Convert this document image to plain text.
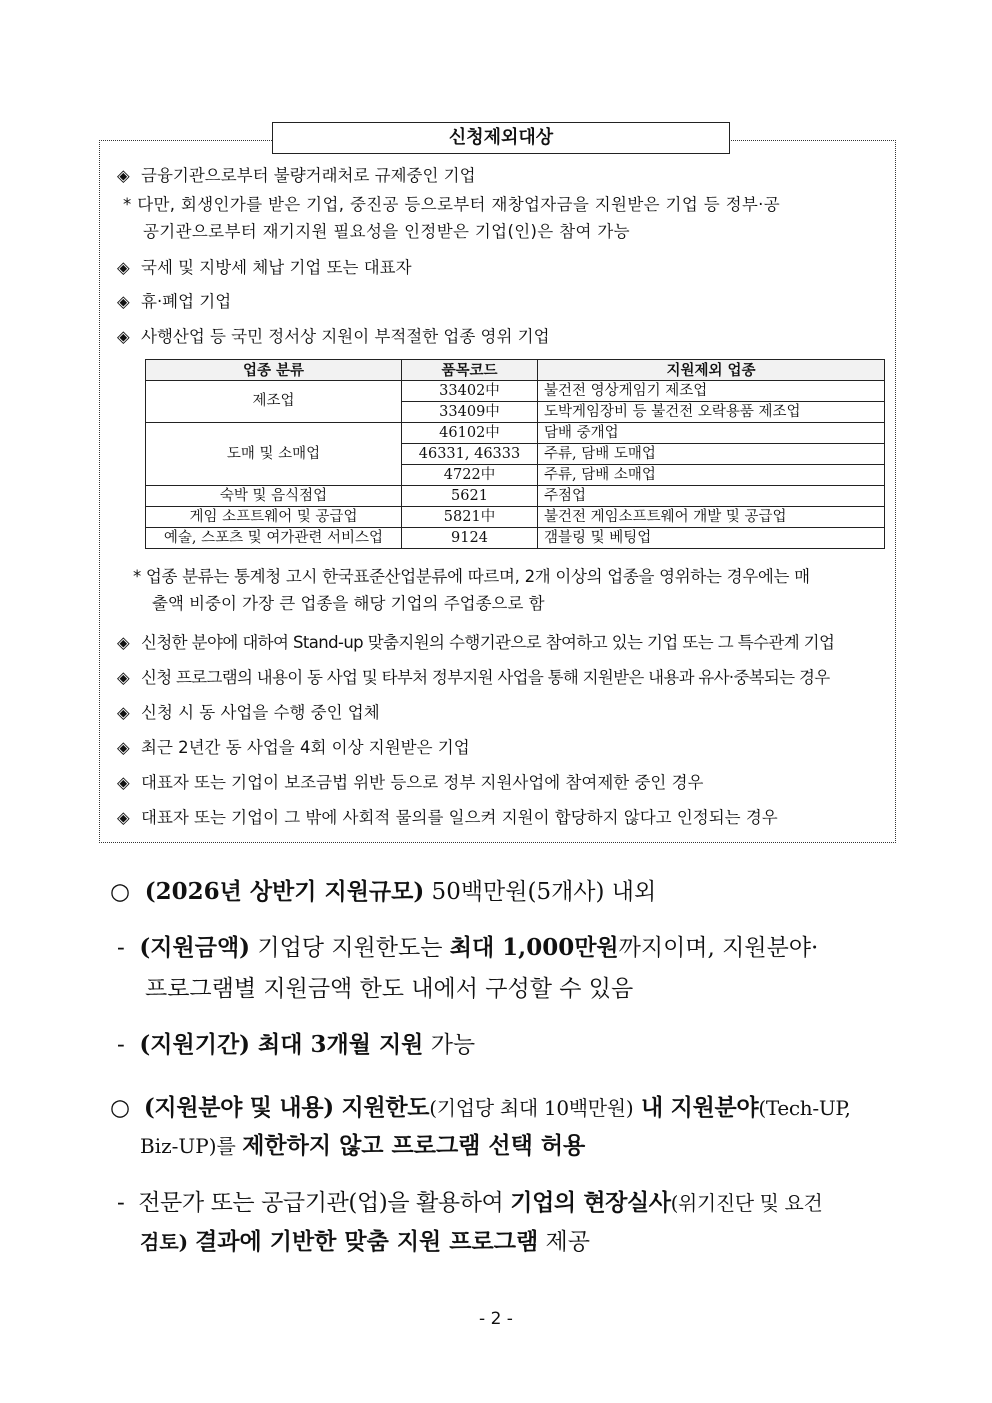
신청제외대상
◈ 금융기관으로부터 불량거래처로 규제중인 기업
* 다만, 회생인가를 받은 기업, 중진공 등으로부터 재창업자금을 지원받은 기업 등 정부·공
공기관으로부터 재기지원 필요성을 인정받은 기업(인)은 참여 가능
◈ 국세 및 지방세 체납 기업 또는 대표자
◈ 휴·폐업 기업
◈ 사행산업 등 국민 정서상 지원이 부적절한 업종 영위 기업
업종 분류	품목코드	지원제외 업종
제조업	33402中	불건전 영상게임기 제조업
	33409中	도박게임장비 등 불건전 오락용품 제조업
도매 및 소매업	46102中	담배 중개업
	46331, 46333	주류, 담배 도매업
	4722中	주류, 담배 소매업
숙박 및 음식점업	5621	주점업
게임 소프트웨어 및 공급업	5821中	불건전 게임소프트웨어 개발 및 공급업
예술, 스포츠 및 여가관련 서비스업	9124	갬블링 및 베팅업
* 업종 분류는 통계청 고시 한국표준산업분류에 따르며, 2개 이상의 업종을 영위하는 경우에는 매
출액 비중이 가장 큰 업종을 해당 기업의 주업종으로 함
◈ 신청한 분야에 대하여 Stand-up 맞춤지원의 수행기관으로 참여하고 있는 기업 또는 그 특수관계 기업
◈ 신청 프로그램의 내용이 동 사업 및 타부처 정부지원 사업을 통해 지원받은 내용과 유사·중복되는 경우
◈ 신청 시 동 사업을 수행 중인 업체
◈ 최근 2년간 동 사업을 4회 이상 지원받은 기업
◈ 대표자 또는 기업이 보조금법 위반 등으로 정부 지원사업에 참여제한 중인 경우
◈ 대표자 또는 기업이 그 밖에 사회적 물의를 일으켜 지원이 합당하지 않다고 인정되는 경우
○ (2026년 상반기 지원규모) 50백만원(5개사) 내외
- (지원금액) 기업당 지원한도는 최대 1,000만원까지이며, 지원분야·
프로그램별 지원금액 한도 내에서 구성할 수 있음
- (지원기간) 최대 3개월 지원 가능
○ (지원분야 및 내용) 지원한도(기업당 최대 10백만원) 내 지원분야(Tech-UP,
Biz-UP)를 제한하지 않고 프로그램 선택 허용
- 전문가 또는 공급기관(업)을 활용하여 기업의 현장실사(위기진단 및 요건
검토) 결과에 기반한 맞춤 지원 프로그램 제공
- 2 -
